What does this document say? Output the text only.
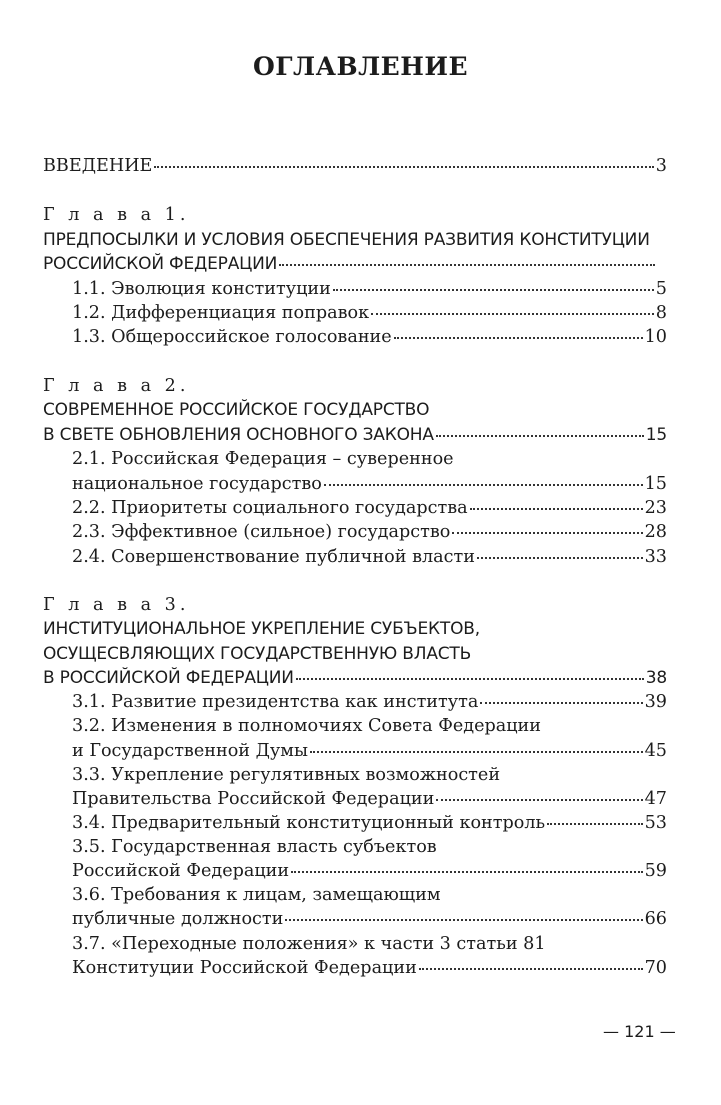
ОГЛАВЛЕНИЕ
ВВЕДЕНИЕ	3
Г л а в а 1.
ПРЕДПОСЫЛКИ И УСЛОВИЯ ОБЕСПЕЧЕНИЯ РАЗВИТИЯ КОНСТИТУЦИИ
РОССИЙСКОЙ ФЕДЕРАЦИИ
1.1. Эволюция конституции	5
1.2. Дифференциация поправок	8
1.3. Общероссийское голосование	10
Г л а в а 2.
СОВРЕМЕННОЕ РОССИЙСКОЕ ГОСУДАРСТВО
В СВЕТЕ ОБНОВЛЕНИЯ ОСНОВНОГО ЗАКОНА	15
2.1. Российская Федерация – суверенное
национальное государство	15
2.2. Приоритеты социального государства	23
2.3. Эффективное (сильное) государство	28
2.4. Совершенствование публичной власти	33
Г л а в а 3.
ИНСТИТУЦИОНАЛЬНОЕ УКРЕПЛЕНИЕ СУБЪЕКТОВ,
ОСУЩЕСВЛЯЮЩИХ ГОСУДАРСТВЕННУЮ ВЛАСТЬ
В РОССИЙСКОЙ ФЕДЕРАЦИИ	38
3.1. Развитие президентства как института	39
3.2. Изменения в полномочиях Совета Федерации
и Государственной Думы	45
3.3. Укрепление регулятивных возможностей
Правительства Российской Федерации	47
3.4. Предварительный конституционный контроль	53
3.5. Государственная власть субъектов
Российской Федерации	59
3.6. Требования к лицам, замещающим
публичные должности	66
3.7. «Переходные положения» к части 3 статьи 81
Конституции Российской Федерации	70
— 121 —
